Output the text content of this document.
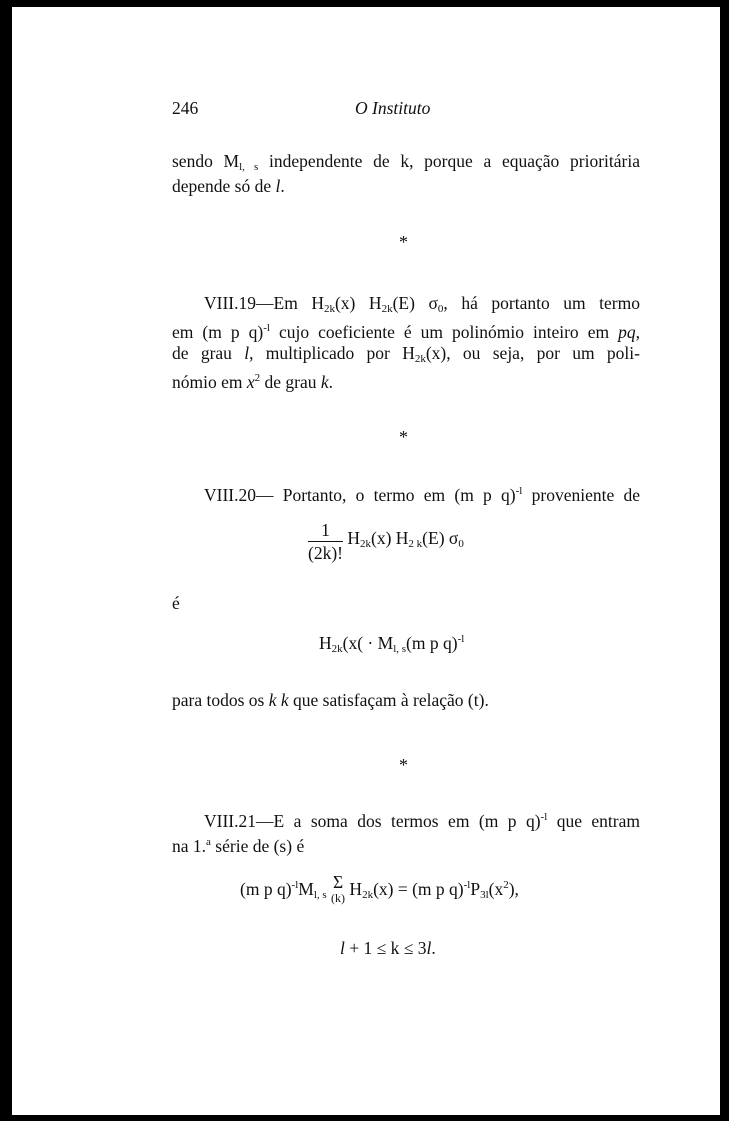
246	O Instituto
sendo $M_{l, s}$ independente de k, porque a equação prioritária
depende só de l.
*
VIII.19—Em $H_{2k}(x)$ $H_{2k}(E)$ $\sigma_0$, há portanto um termo
em (m p q)$^{-l}$ cujo coeficiente é um polinómio inteiro em pq,
de grau l, multiplicado por $H_{2k}(x)$, ou seja, por um poli-
nómio em $x^2$ de grau k.
*
VIII.20— Portanto, o termo em (m p q)$^{-l}$ proveniente de
$\frac{1}{(2k)!} H_{2k}(x)$ $H_{2 k}(E)$ $\sigma_0$
é
$H_{2k}(x( \cdot M_{l, s}(m$ p q)$^{-l}$
para todos os k k que satisfaçam à relação (t).
*
VIII.21—E a soma dos termos em (m p q)$^{-l}$ que entram
na 1.$^a$ série de (s) é
(m p $q)^{-l}M_{l, s}$ Σ
(k) $H_{2k}(x) = (m$ p $q)^{-l}P_{3l}(x^2)$,
l + 1 ≤ k ≤ 3l.
